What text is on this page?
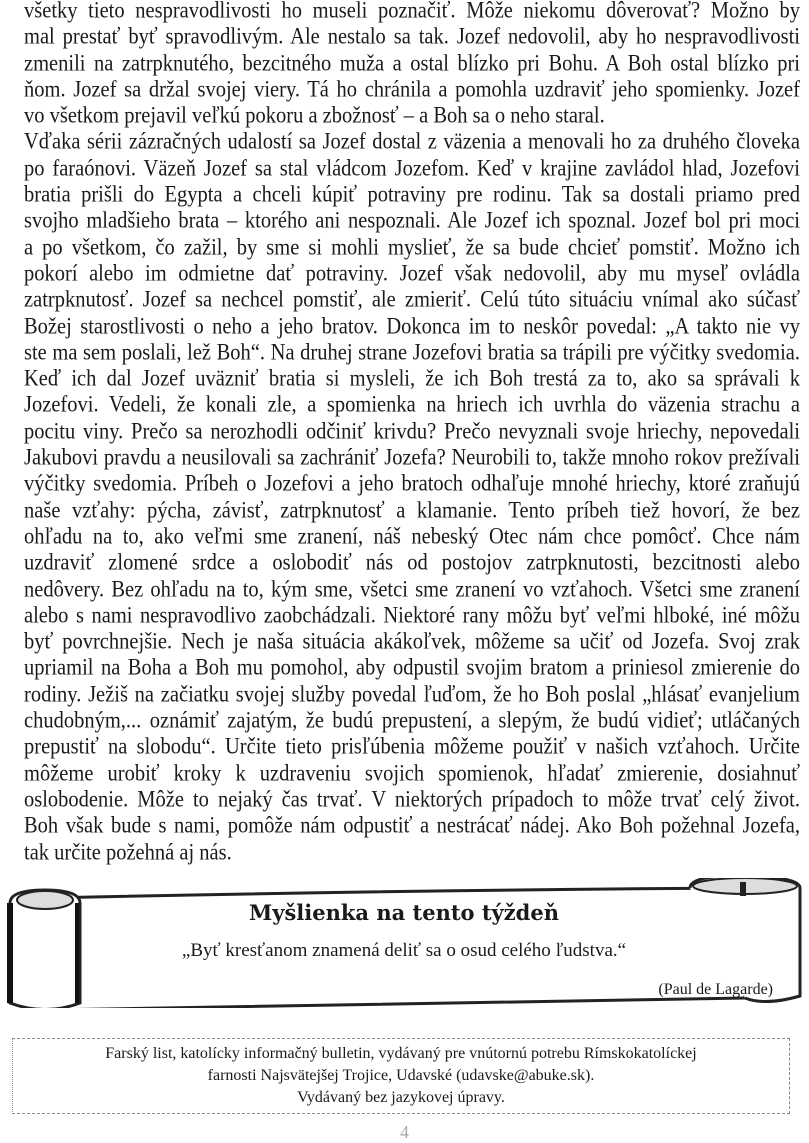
všetky tieto nespravodlivosti ho museli poznačiť. Môže niekomu dôverovať? Možno by
mal prestať byť spravodlivým. Ale nestalo sa tak. Jozef nedovolil, aby ho nespravodlivosti
zmenili na zatrpknutého, bezcitného muža a ostal blízko pri Bohu. A Boh ostal blízko pri
ňom. Jozef sa držal svojej viery. Tá ho chránila a pomohla uzdraviť jeho spomienky. Jozef
vo všetkom prejavil veľkú pokoru a zbožnosť – a Boh sa o neho staral.
Vďaka sérii zázračných udalostí sa Jozef dostal z väzenia a menovali ho za druhého človeka
po faraónovi. Väzeň Jozef sa stal vládcom Jozefom. Keď v krajine zavládol hlad, Jozefovi
bratia prišli do Egypta a chceli kúpiť potraviny pre rodinu. Tak sa dostali priamo pred
svojho mladšieho brata – ktorého ani nespoznali. Ale Jozef ich spoznal. Jozef bol pri moci
a po všetkom, čo zažil, by sme si mohli myslieť, že sa bude chcieť pomstiť. Možno ich
pokorí alebo im odmietne dať potraviny. Jozef však nedovolil, aby mu myseľ ovládla
zatrpknutosť. Jozef sa nechcel pomstiť, ale zmieriť. Celú túto situáciu vnímal ako súčasť
Božej starostlivosti o neho a jeho bratov. Dokonca im to neskôr povedal: „A takto nie vy
ste ma sem poslali, lež Boh“. Na druhej strane Jozefovi bratia sa trápili pre výčitky svedomia.
Keď ich dal Jozef uväzniť bratia si mysleli, že ich Boh trestá za to, ako sa správali k
Jozefovi. Vedeli, že konali zle, a spomienka na hriech ich uvrhla do väzenia strachu a
pocitu viny. Prečo sa nerozhodli odčiniť krivdu? Prečo nevyznali svoje hriechy, nepovedali
Jakubovi pravdu a neusilovali sa zachrániť Jozefa? Neurobili to, takže mnoho rokov prežívali
výčitky svedomia. Príbeh o Jozefovi a jeho bratoch odhaľuje mnohé hriechy, ktoré zraňujú
naše vzťahy: pýcha, závisť, zatrpknutosť a klamanie. Tento príbeh tiež hovorí, že bez
ohľadu na to, ako veľmi sme zranení, náš nebeský Otec nám chce pomôcť. Chce nám
uzdraviť zlomené srdce a oslobodiť nás od postojov zatrpknutosti, bezcitnosti alebo
nedôvery. Bez ohľadu na to, kým sme, všetci sme zranení vo vzťahoch. Všetci sme zranení
alebo s nami nespravodlivo zaobchádzali. Niektoré rany môžu byť veľmi hlboké, iné môžu
byť povrchnejšie. Nech je naša situácia akákoľvek, môžeme sa učiť od Jozefa. Svoj zrak
upriamil na Boha a Boh mu pomohol, aby odpustil svojim bratom a priniesol zmierenie do
rodiny. Ježiš na začiatku svojej služby povedal ľuďom, že ho Boh poslal „hlásať evanjelium
chudobným,... oznámiť zajatým, že budú prepustení, a slepým, že budú vidieť; utláčaných
prepustiť na slobodu“. Určite tieto prisľúbenia môžeme použiť v našich vzťahoch. Určite
môžeme urobiť kroky k uzdraveniu svojich spomienok, hľadať zmierenie, dosiahnuť
oslobodenie. Môže to nejaký čas trvať. V niektorých prípadoch to môže trvať celý život.
Boh však bude s nami, pomôže nám odpustiť a nestrácať nádej. Ako Boh požehnal Jozefa,
tak určite požehná aj nás.
Myšlienka na tento týždeň
„Byť kresťanom znamená deliť sa o osud celého ľudstva.“
(Paul de Lagarde)
Farský list, katolícky informačný bulletin, vydávaný pre vnútornú potrebu Rímskokatolíckej
farnosti Najsvätejšej Trojice, Udavské (udavske@abuke.sk).
Vydávaný bez jazykovej úpravy.
4
